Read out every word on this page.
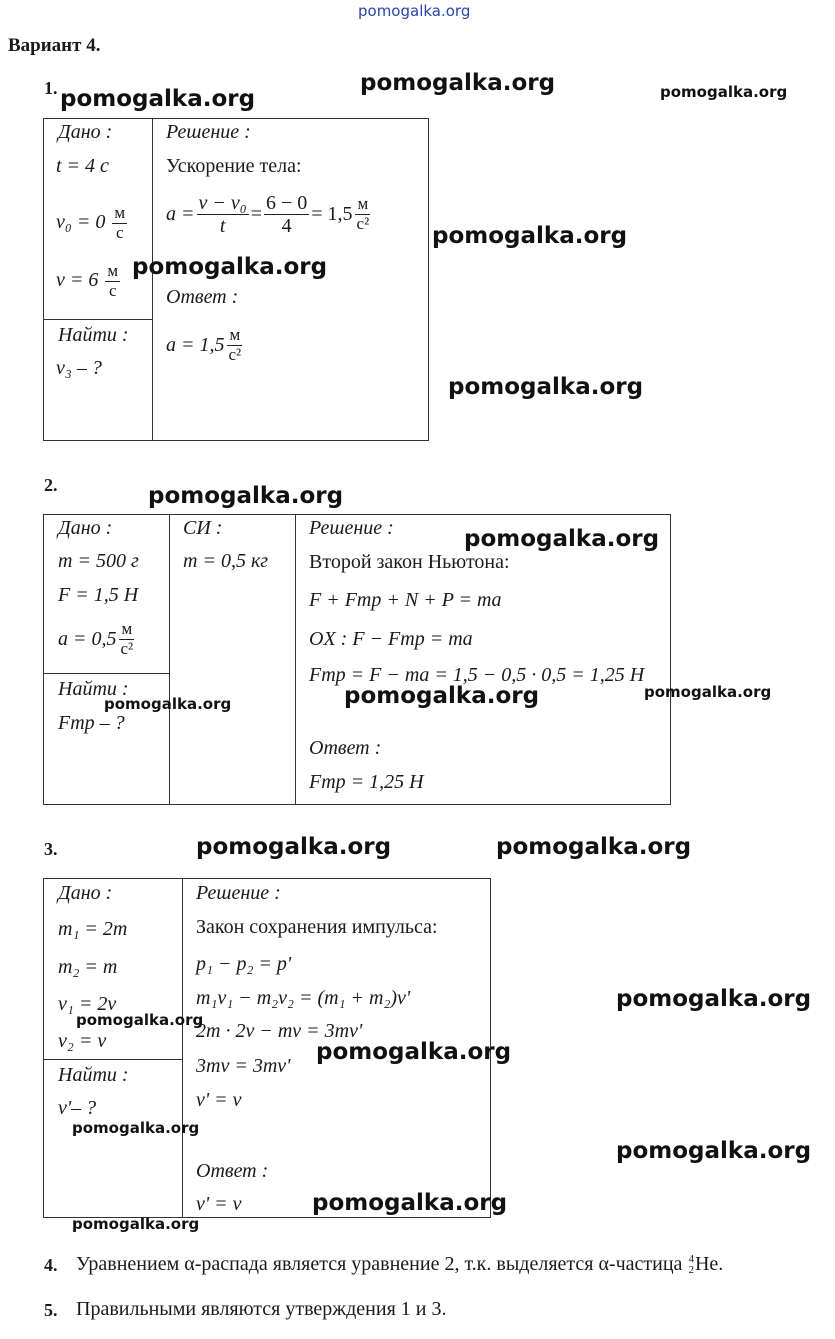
pomogalka.org
Вариант 4.
1.
Дано :
t = 4 с
$v_0 = 0 \frac{м}{с}$
$v = 6 \frac{м}{с}$
Найти :
v₃ – ?
Решение :
Ускорение тела:
$a = \frac{\text{v − v₀}}{t} = \frac{6 - 0}{4} = 1,5 \frac{м}{\text{с²}}$
Ответ :
$a = 1,5 \frac{м}{\text{с²}}$
2.
Дано :
m = 500 г
F = 1,5 Н
$a = 0,5 \frac{м}{\text{с²}}$
Найти :
Fтр – ?
СИ :
m = 0,5 кг
Решение :
Второй закон Ньютона:
F + Fтр + N + P = ma
OX : F − Fтр = ma
Fтр = F − ma = 1,5 − 0,5 · 0,5 = 1,25 Н
Ответ :
Fтр = 1,25 Н
3.
Дано :
m₁ = 2m
m₂ = m
v₁ = 2v
v₂ = v
Найти :
v'– ?
Решение :
Закон сохранения импульса:
p₁ − p₂ = p'
m₁v₁ − m₂v₂ = (m₁ + m₂)v'
2m · 2v − mv = 3mv'
3mv = 3mv'
v' = v
Ответ :
v' = v
4. Уравнением α-распада является уравнение 2, т.к. выделяется α-частица 4
2 He.
5. Правильными являются утверждения 1 и 3.
pomogalka.org
pomogalka.org	pomogalka.org
pomogalka.org
pomogalka.org
pomogalka.org
pomogalka.org
pomogalka.org
pomogalka.org
pomogalka.org
pomogalka.org
pomogalka.org	pomogalka.org
pomogalka.org
pomogalka.org
pomogalka.org
pomogalka.org
pomogalka.org
pomogalka.org
pomogalka.org
